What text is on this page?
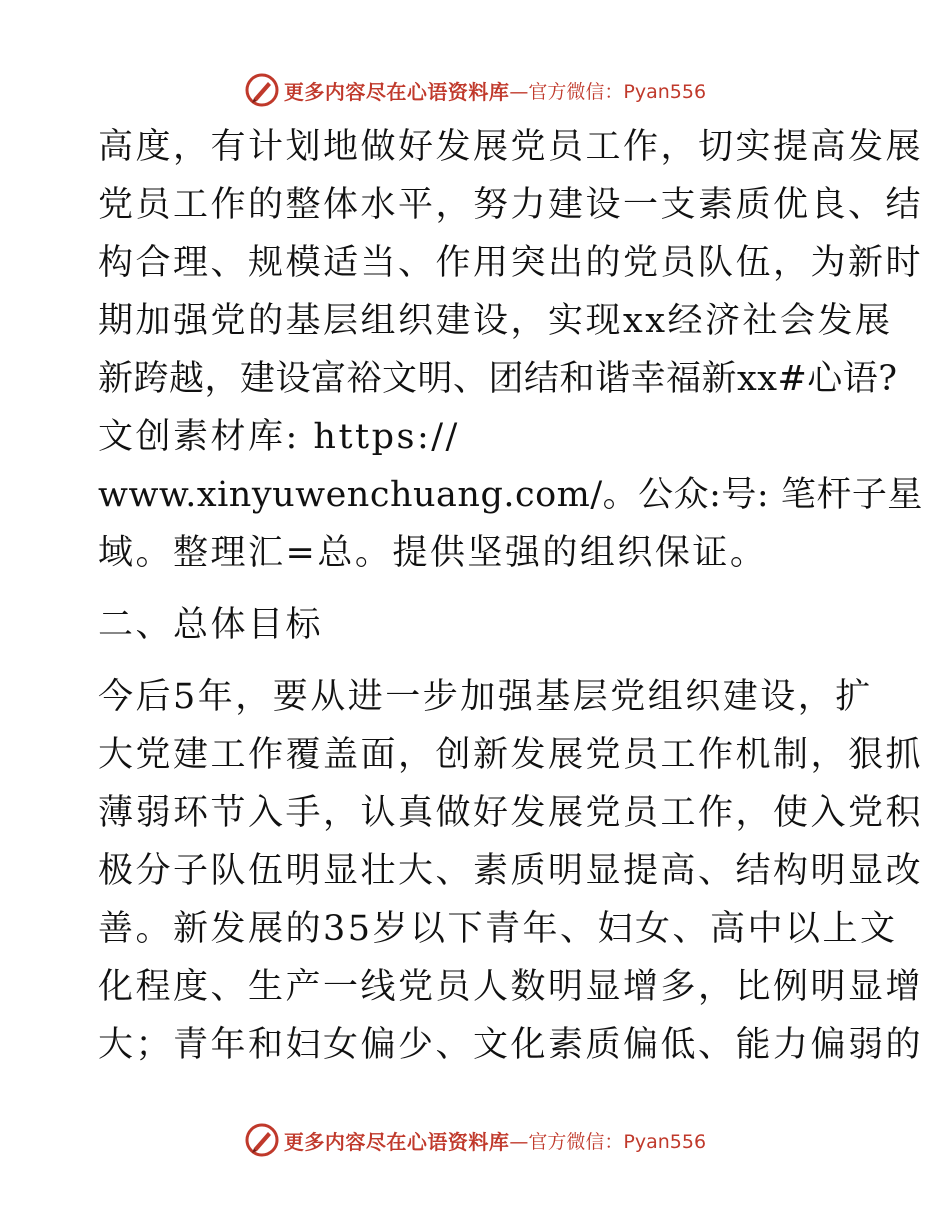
更多内容尽在心语资料库 —官方微信：Pyan556
高度，有计划地做好发展党员工作，切实提高发展
党员工作的整体水平，努力建设一支素质优良、结
构合理、规模适当、作用突出的党员队伍，为新时
期加强党的基层组织建设，实现xx经济社会发展
新跨越，建设富裕文明、团结和谐幸福新xx#心语?
文创素材库: https://
www.xinyuwenchuang.com/。公众:号: 笔杆子星
域。整理汇=总。提供坚强的组织保证。
二、总体目标
今后5年，要从进一步加强基层党组织建设，扩
大党建工作覆盖面，创新发展党员工作机制，狠抓
薄弱环节入手，认真做好发展党员工作，使入党积
极分子队伍明显壮大、素质明显提高、结构明显改
善。新发展的35岁以下青年、妇女、高中以上文
化程度、生产一线党员人数明显增多，比例明显增
大；青年和妇女偏少、文化素质偏低、能力偏弱的
更多内容尽在心语资料库 —官方微信：Pyan556
